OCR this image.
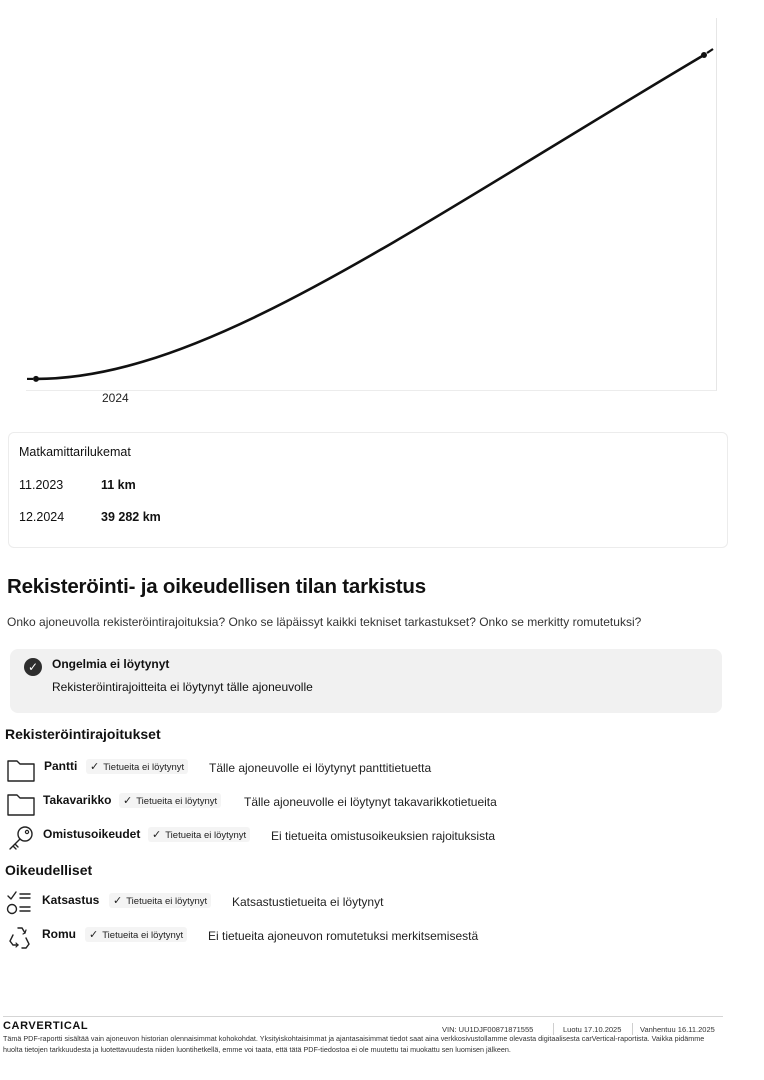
2024
Matkamittarilukemat
11.2023	11 km
12.2024	39 282 km
Rekisteröinti- ja oikeudellisen tilan tarkistus
Onko ajoneuvolla rekisteröintirajoituksia? Onko se läpäissyt kaikki tekniset tarkastukset? Onko se merkitty romutetuksi?
✓	Ongelmia ei löytynyt
Rekisteröintirajoitteita ei löytynyt tälle ajoneuvolle
Rekisteröintirajoitukset
Pantti	✓ Tietueita ei löytynyt	Tälle ajoneuvolle ei löytynyt panttitietuetta
Takavarikko	✓ Tietueita ei löytynyt	Tälle ajoneuvolle ei löytynyt takavarikkotietueita
Omistusoikeudet	✓ Tietueita ei löytynyt	Ei tietueita omistusoikeuksien rajoituksista
Oikeudelliset
Katsastus	✓ Tietueita ei löytynyt	Katsastustietueita ei löytynyt
Romu	✓ Tietueita ei löytynyt	Ei tietueita ajoneuvon romutetuksi merkitsemisestä
CARVERTICAL	VIN: UU1DJF00871871555	Luotu 17.10.2025 Vanhentuu 16.11.2025
Tämä PDF-raportti sisältää vain ajoneuvon historian olennaisimmat kohokohdat. Yksityiskohtaisimmat ja ajantasaisimmat tiedot saat aina verkkosivustollamme olevasta digitaalisesta carVertical-raportista. Vaikka pidämme huolta tietojen tarkkuudesta ja luotettavuudesta niiden luontihetkellä, emme voi taata, että tätä PDF-tiedostoa ei ole muutettu tai muokattu sen luomisen jälkeen.
